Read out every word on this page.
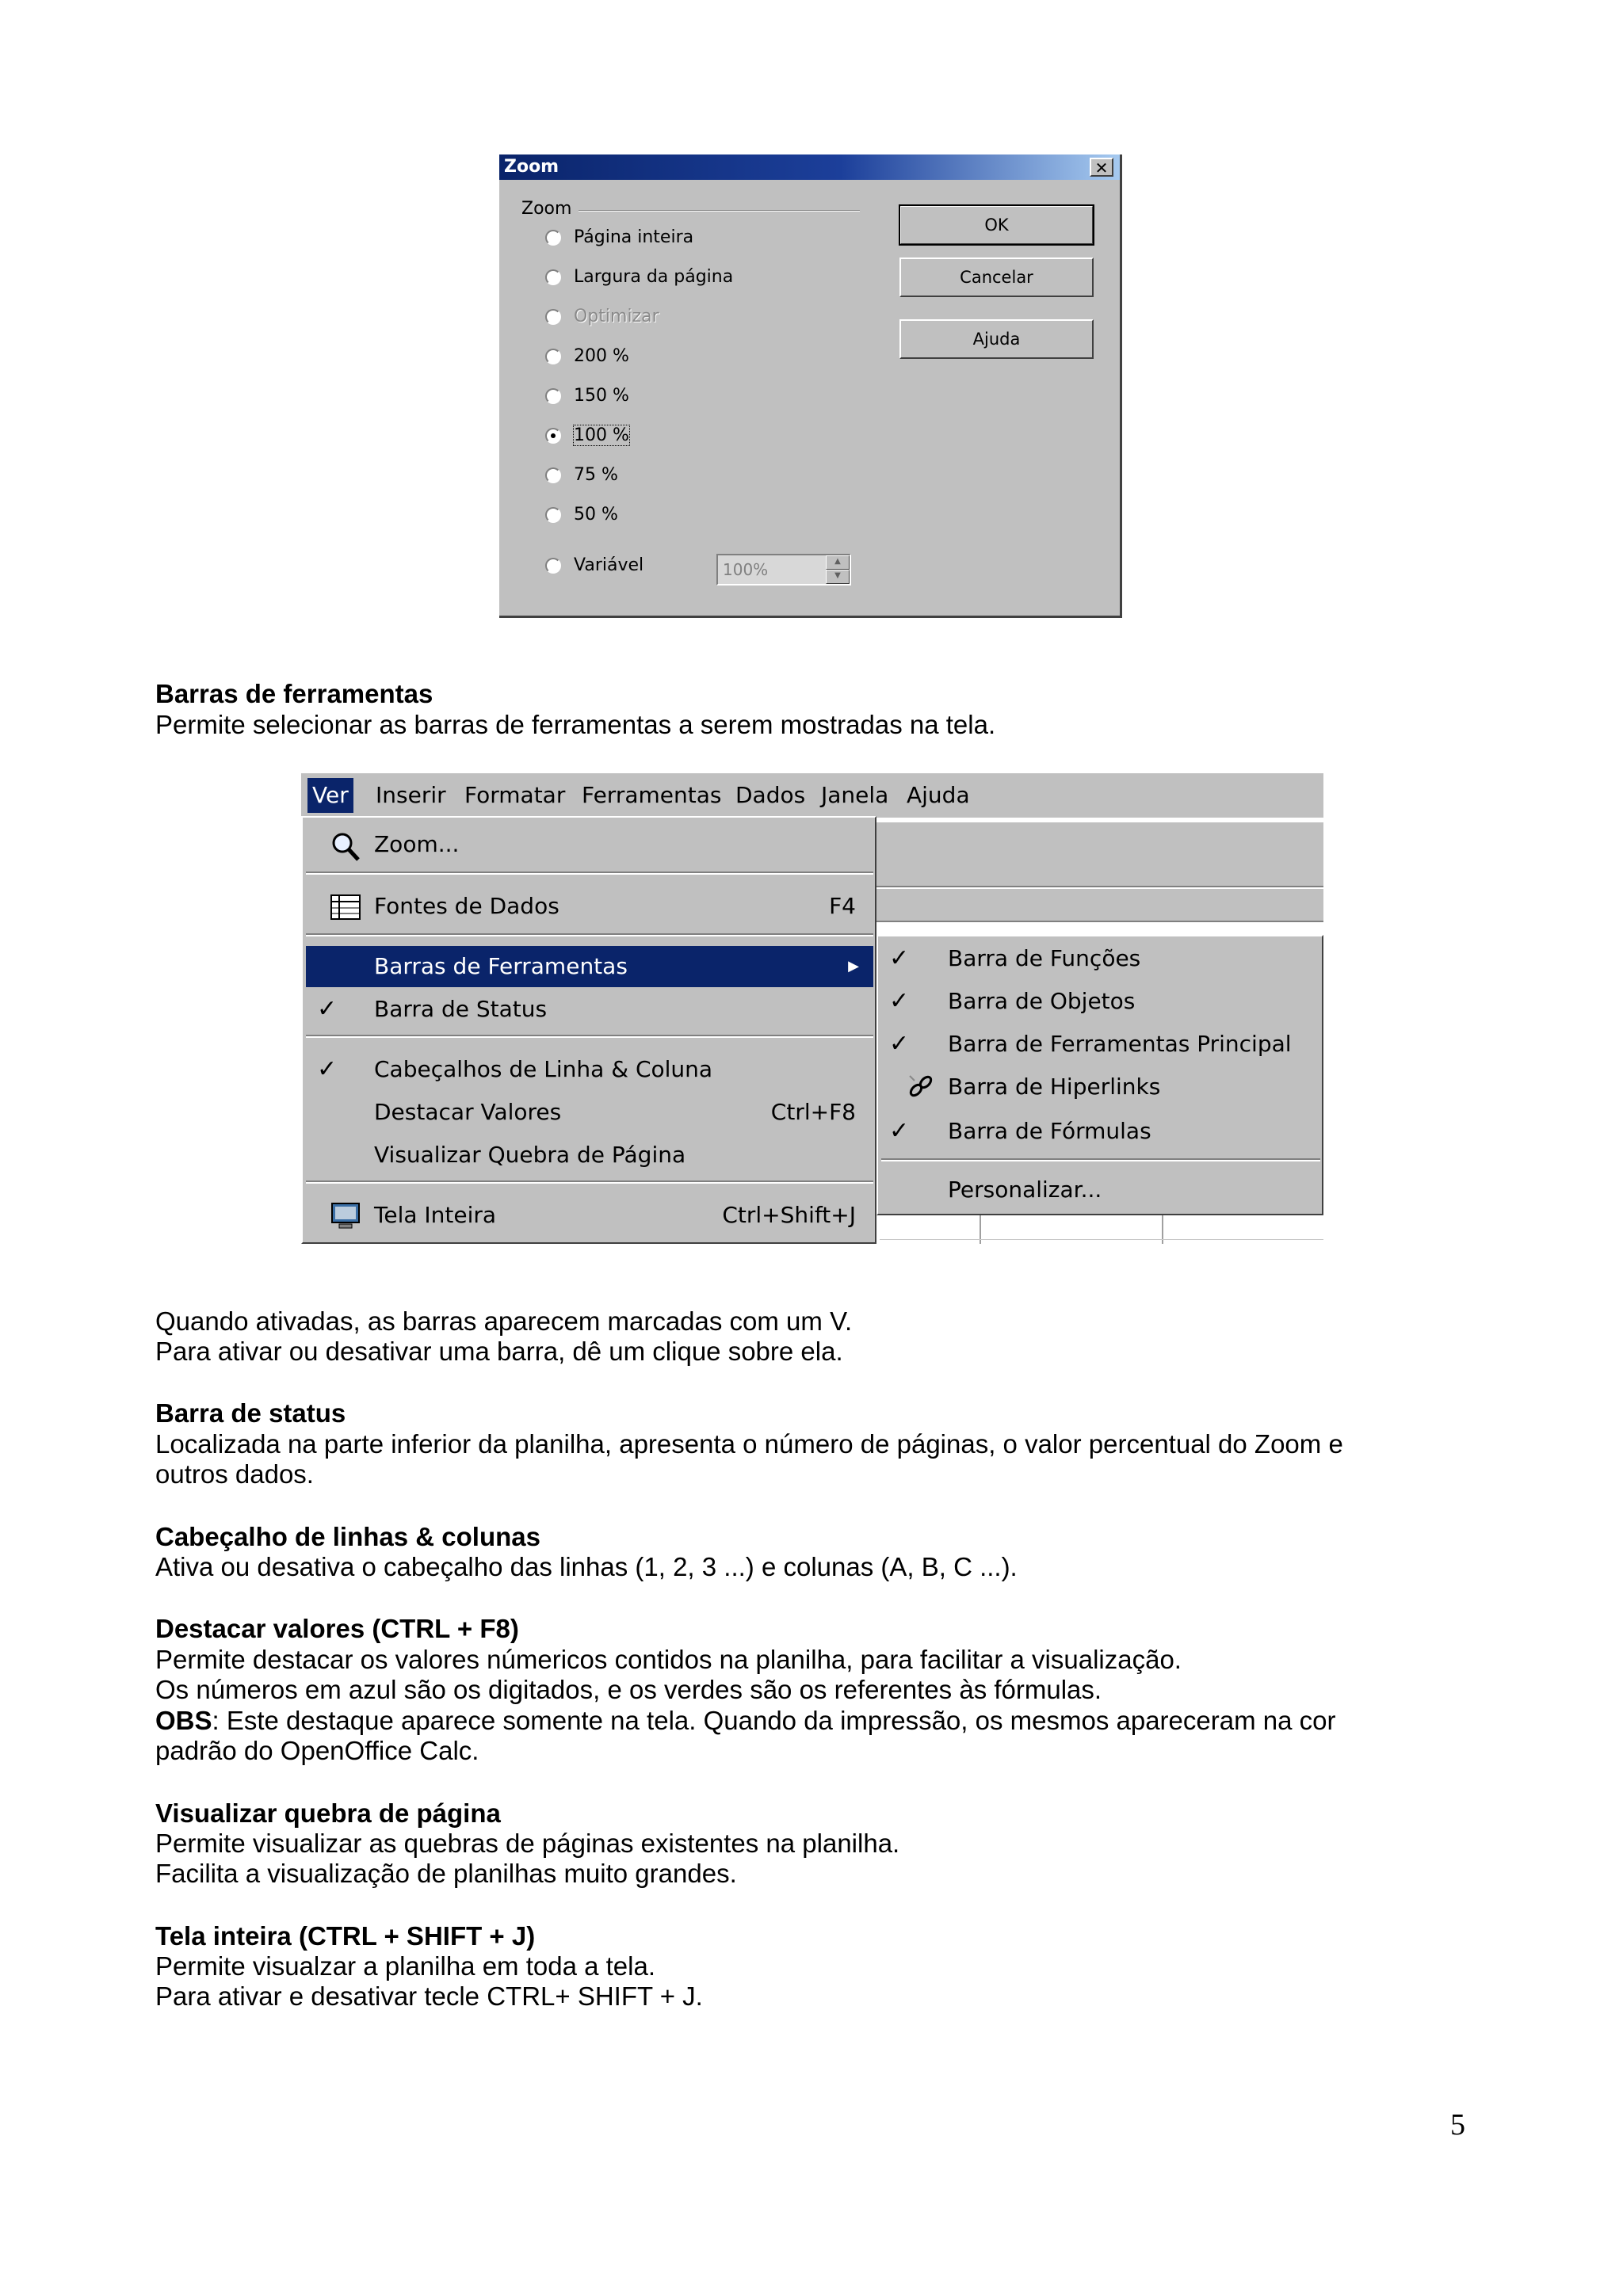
Zoom	✕
Zoom
Página inteira
Largura da página
Optimizar
200 %
150 %
100 %
75 %
50 %
Variável	100%	▲
▼
OK
Cancelar
Ajuda
Barras de ferramentas
Permite selecionar as barras de ferramentas a serem mostradas na tela.
Ver Inserir Formatar Ferramentas Dados Janela Ajuda
Zoom...
Fontes de Dados	F4
Barras de Ferramentas	▶
✓ Barra de Status
✓ Cabeçalhos de Linha & Coluna
Destacar Valores	Ctrl+F8
Visualizar Quebra de Página
Tela Inteira	Ctrl+Shift+J
✓ Barra de Funções
✓ Barra de Objetos
✓ Barra de Ferramentas Principal
Barra de Hiperlinks
✓ Barra de Fórmulas
Personalizar...
Quando ativadas, as barras aparecem marcadas com um V.
Para ativar ou desativar uma barra, dê um clique sobre ela.
Barra de status
Localizada na parte inferior da planilha, apresenta o número de páginas, o valor percentual do Zoom e
outros dados.
Cabeçalho de linhas & colunas
Ativa ou desativa o cabeçalho das linhas (1, 2, 3 ...) e colunas (A, B, C ...).
Destacar valores (CTRL + F8)
Permite destacar os valores númericos contidos na planilha, para facilitar a visualização.
Os números em azul são os digitados, e os verdes são os referentes às fórmulas.
OBS: Este destaque aparece somente na tela. Quando da impressão, os mesmos apareceram na cor
padrão do OpenOffice Calc.
Visualizar quebra de página
Permite visualizar as quebras de páginas existentes na planilha.
Facilita a visualização de planilhas muito grandes.
Tela inteira (CTRL + SHIFT + J)
Permite visualzar a planilha em toda a tela.
Para ativar e desativar tecle CTRL+ SHIFT + J.
5
